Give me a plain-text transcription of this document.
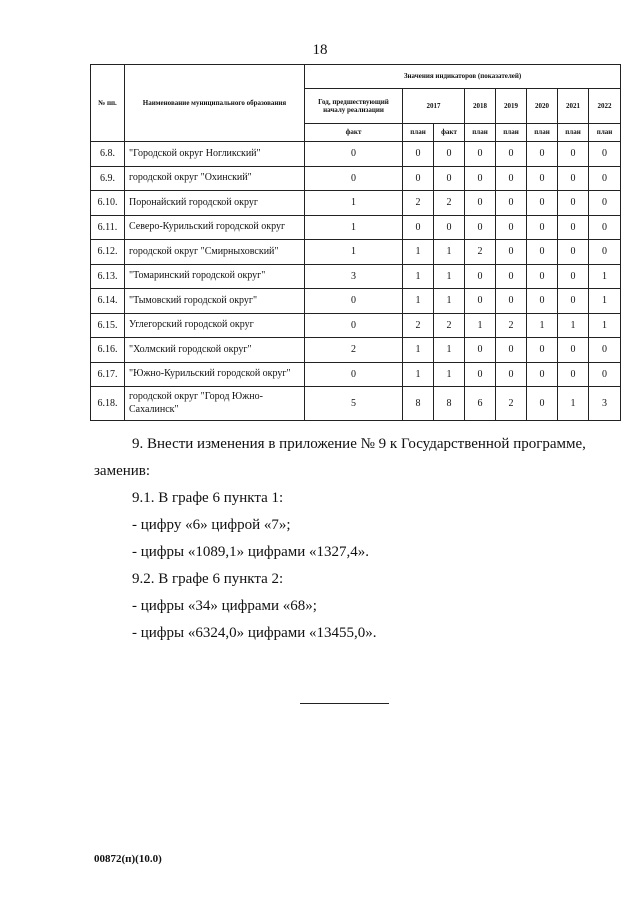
18
№ пп.	Наименование муниципального образования	Значения индикаторов (показателей)							
		Год, предшествующий началу реализации	2017		2018	2019	2020	2021	2022
		факт	план	факт	план	план	план	план	план
6.8.	"Городской округ Ногликский"	0	0	0	0	0	0	0	0
6.9.	городской округ "Охинский"	0	0	0	0	0	0	0	0
6.10.	Поронайский городской округ	1	2	2	0	0	0	0	0
6.11.	Северо-Курильский городской округ	1	0	0	0	0	0	0	0
6.12.	городской округ "Смирныховский"	1	1	1	2	0	0	0	0
6.13.	"Томаринский городской округ"	3	1	1	0	0	0	0	1
6.14.	"Тымовский городской округ"	0	1	1	0	0	0	0	1
6.15.	Углегорский городской округ	0	2	2	1	2	1	1	1
6.16.	"Холмский городской округ"	2	1	1	0	0	0	0	0
6.17.	"Южно-Курильский городской округ"	0	1	1	0	0	0	0	0
6.18.	городской округ "Город Южно-Сахалинск"	5	8	8	6	2	0	1	3
9. Внести изменения в приложение № 9 к Государственной программе,
заменив:
9.1. В графе 6 пункта 1:
- цифру «6» цифрой «7»;
- цифры «1089,1» цифрами «1327,4».
9.2. В графе 6 пункта 2:
- цифры «34» цифрами «68»;
- цифры «6324,0» цифрами «13455,0».
00872(п)(10.0)
